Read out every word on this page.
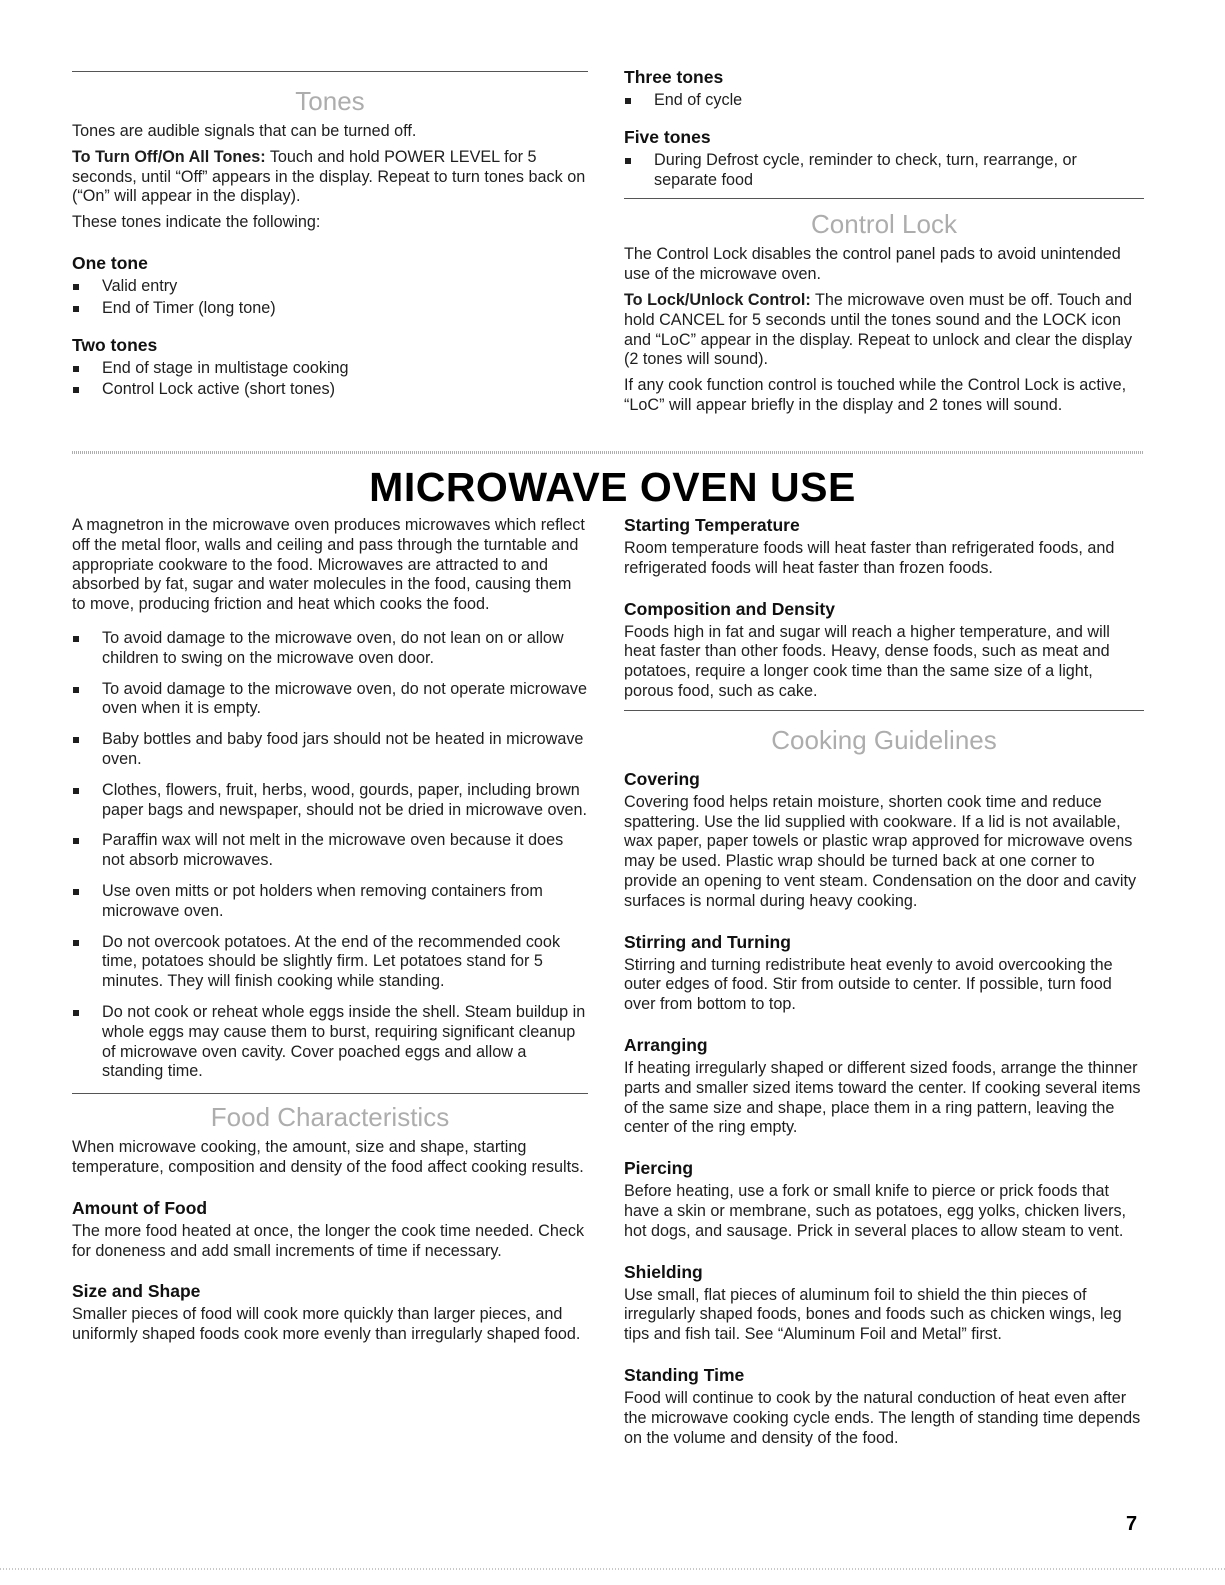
Tones

Tones are audible signals that can be turned off.

To Turn Off/On All Tones: Touch and hold POWER LEVEL for 5 seconds, until “Off” appears in the display. Repeat to turn tones back on (“On” will appear in the display).

These tones indicate the following:

One tone
Valid entry
End of Timer (long tone)
Two tones
End of stage in multistage cooking
Control Lock active (short tones)
Three tones
End of cycle
Five tones
During Defrost cycle, reminder to check, turn, rearrange, or separate food
Control Lock

The Control Lock disables the control panel pads to avoid unintended use of the microwave oven.

To Lock/Unlock Control: The microwave oven must be off. Touch and hold CANCEL for 5 seconds until the tones sound and the LOCK icon and “LoC” appear in the display. Repeat to unlock and clear the display (2 tones will sound).

If any cook function control is touched while the Control Lock is active, “LoC” will appear briefly in the display and 2 tones will sound.

MICROWAVE OVEN USE

A magnetron in the microwave oven produces microwaves which reflect off the metal floor, walls and ceiling and pass through the turntable and appropriate cookware to the food. Microwaves are attracted to and absorbed by fat, sugar and water molecules in the food, causing them to move, producing friction and heat which cooks the food.

To avoid damage to the microwave oven, do not lean on or allow children to swing on the microwave oven door.
To avoid damage to the microwave oven, do not operate microwave oven when it is empty.
Baby bottles and baby food jars should not be heated in microwave oven.
Clothes, flowers, fruit, herbs, wood, gourds, paper, including brown paper bags and newspaper, should not be dried in microwave oven.
Paraffin wax will not melt in the microwave oven because it does not absorb microwaves.
Use oven mitts or pot holders when removing containers from microwave oven.
Do not overcook potatoes. At the end of the recommended cook time, potatoes should be slightly firm. Let potatoes stand for 5 minutes. They will finish cooking while standing.
Do not cook or reheat whole eggs inside the shell. Steam buildup in whole eggs may cause them to burst, requiring significant cleanup of microwave oven cavity. Cover poached eggs and allow a standing time.
Food Characteristics

When microwave cooking, the amount, size and shape, starting temperature, composition and density of the food affect cooking results.

Amount of Food

The more food heated at once, the longer the cook time needed. Check for doneness and add small increments of time if necessary.

Size and Shape

Smaller pieces of food will cook more quickly than larger pieces, and uniformly shaped foods cook more evenly than irregularly shaped food.

Starting Temperature

Room temperature foods will heat faster than refrigerated foods, and refrigerated foods will heat faster than frozen foods.

Composition and Density

Foods high in fat and sugar will reach a higher temperature, and will heat faster than other foods. Heavy, dense foods, such as meat and potatoes, require a longer cook time than the same size of a light, porous food, such as cake.

Cooking Guidelines
Covering

Covering food helps retain moisture, shorten cook time and reduce spattering. Use the lid supplied with cookware. If a lid is not available, wax paper, paper towels or plastic wrap approved for microwave ovens may be used. Plastic wrap should be turned back at one corner to provide an opening to vent steam. Condensation on the door and cavity surfaces is normal during heavy cooking.

Stirring and Turning

Stirring and turning redistribute heat evenly to avoid overcooking the outer edges of food. Stir from outside to center. If possible, turn food over from bottom to top.

Arranging

If heating irregularly shaped or different sized foods, arrange the thinner parts and smaller sized items toward the center. If cooking several items of the same size and shape, place them in a ring pattern, leaving the center of the ring empty.

Piercing

Before heating, use a fork or small knife to pierce or prick foods that have a skin or membrane, such as potatoes, egg yolks, chicken livers, hot dogs, and sausage. Prick in several places to allow steam to vent.

Shielding

Use small, flat pieces of aluminum foil to shield the thin pieces of irregularly shaped foods, bones and foods such as chicken wings, leg tips and fish tail. See “Aluminum Foil and Metal” first.

Standing Time

Food will continue to cook by the natural conduction of heat even after the microwave cooking cycle ends. The length of standing time depends on the volume and density of the food.

7
